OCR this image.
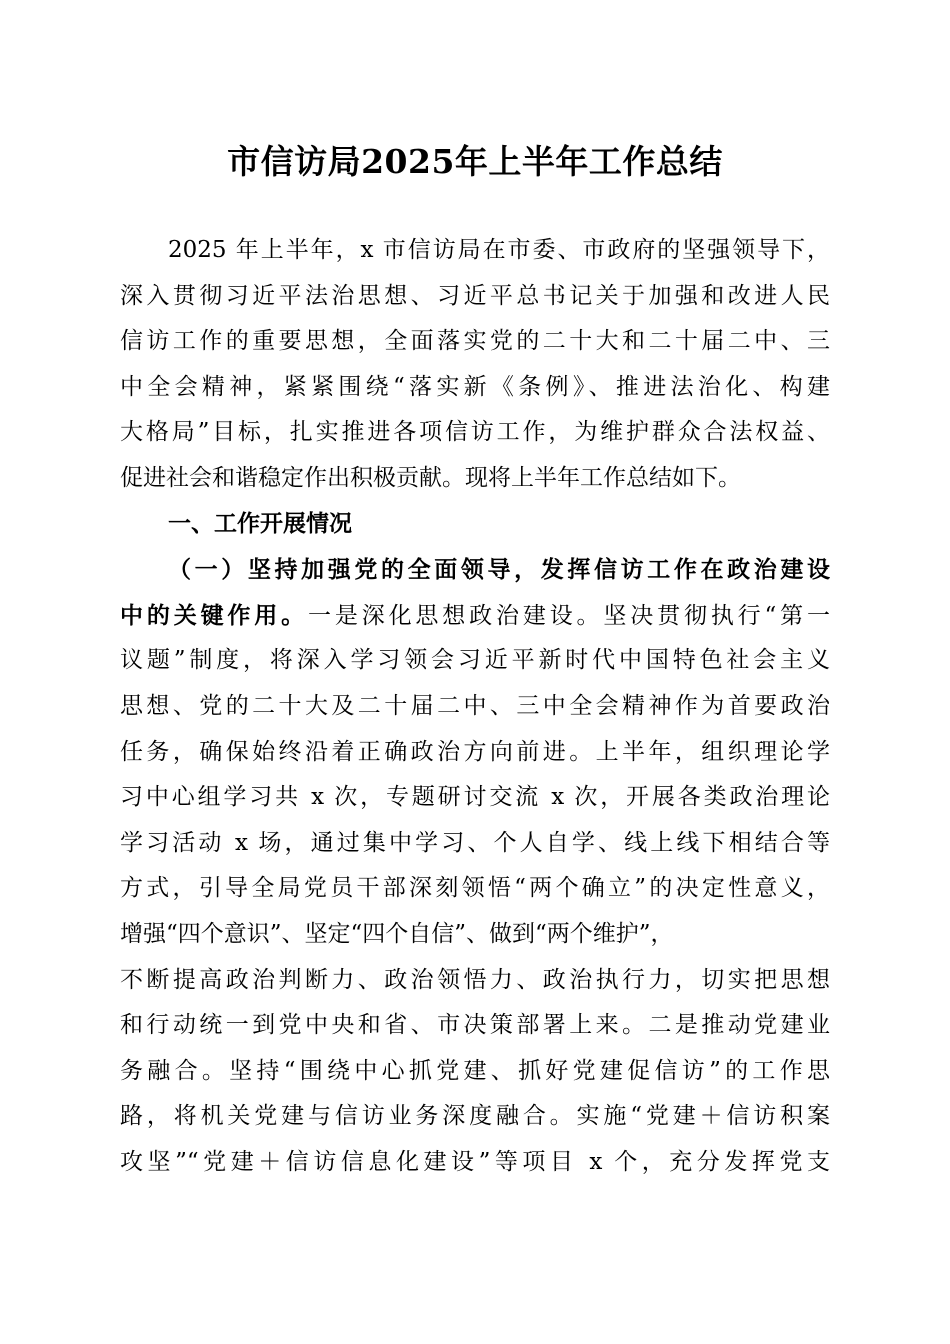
市信访局2025年上半年工作总结
2025 年上半年，x 市信访局在市委、市政府的坚强领导下，
深入贯彻习近平法治思想、习近平总书记关于加强和改进人民
信访工作的重要思想，全面落实党的二十大和二十届二中、三
中全会精神，紧紧围绕“落实新《条例》、推进法治化、构建
大格局”目标，扎实推进各项信访工作，为维护群众合法权益、
促进社会和谐稳定作出积极贡献。现将上半年工作总结如下。
一、工作开展情况
（一）坚持加强党的全面领导，发挥信访工作在政治建设
中的关键作用。一是深化思想政治建设。坚决贯彻执行“第一
议题”制度，将深入学习领会习近平新时代中国特色社会主义
思想、党的二十大及二十届二中、三中全会精神作为首要政治
任务，确保始终沿着正确政治方向前进。上半年，组织理论学
习中心组学习共 x 次，专题研讨交流 x 次，开展各类政治理论
学习活动 x 场，通过集中学习、个人自学、线上线下相结合等
方式，引导全局党员干部深刻领悟“两个确立”的决定性意义，
增强“四个意识”、坚定“四个自信”、做到“两个维护”，
不断提高政治判断力、政治领悟力、政治执行力，切实把思想
和行动统一到党中央和省、市决策部署上来。二是推动党建业
务融合。坚持“围绕中心抓党建、抓好党建促信访”的工作思
路，将机关党建与信访业务深度融合。实施“党建＋信访积案
攻坚”“党建＋信访信息化建设”等项目 x 个，充分发挥党支
